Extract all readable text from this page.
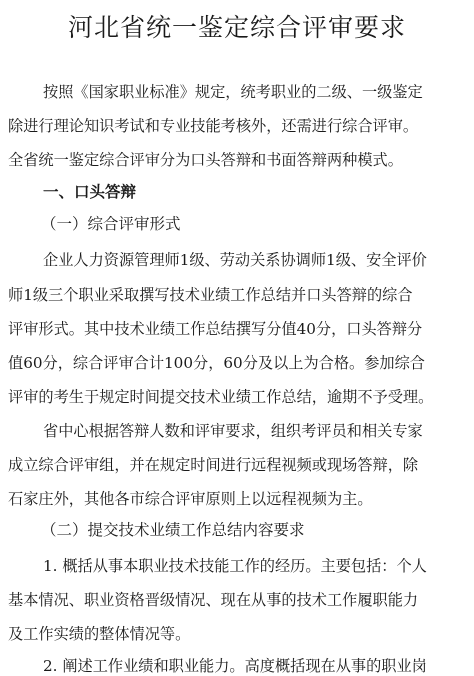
河北省统一鉴定综合评审要求
按照《国家职业标准》规定，统考职业的二级、一级鉴定
除进行理论知识考试和专业技能考核外，还需进行综合评审。
全省统一鉴定综合评审分为口头答辩和书面答辩两种模式。
一、口头答辩
（一）综合评审形式
企业人力资源管理师1级、劳动关系协调师1级、安全评价
师1级三个职业采取撰写技术业绩工作总结并口头答辩的综合
评审形式。其中技术业绩工作总结撰写分值40分，口头答辩分
值60分，综合评审合计100分，60分及以上为合格。参加综合
评审的考生于规定时间提交技术业绩工作总结，逾期不予受理。
省中心根据答辩人数和评审要求，组织考评员和相关专家
成立综合评审组，并在规定时间进行远程视频或现场答辩，除
石家庄外，其他各市综合评审原则上以远程视频为主。
（二）提交技术业绩工作总结内容要求
1. 概括从事本职业技术技能工作的经历。主要包括：个人
基本情况、职业资格晋级情况、现在从事的技术工作履职能力
及工作实绩的整体情况等。
2. 阐述工作业绩和职业能力。高度概括现在从事的职业岗
